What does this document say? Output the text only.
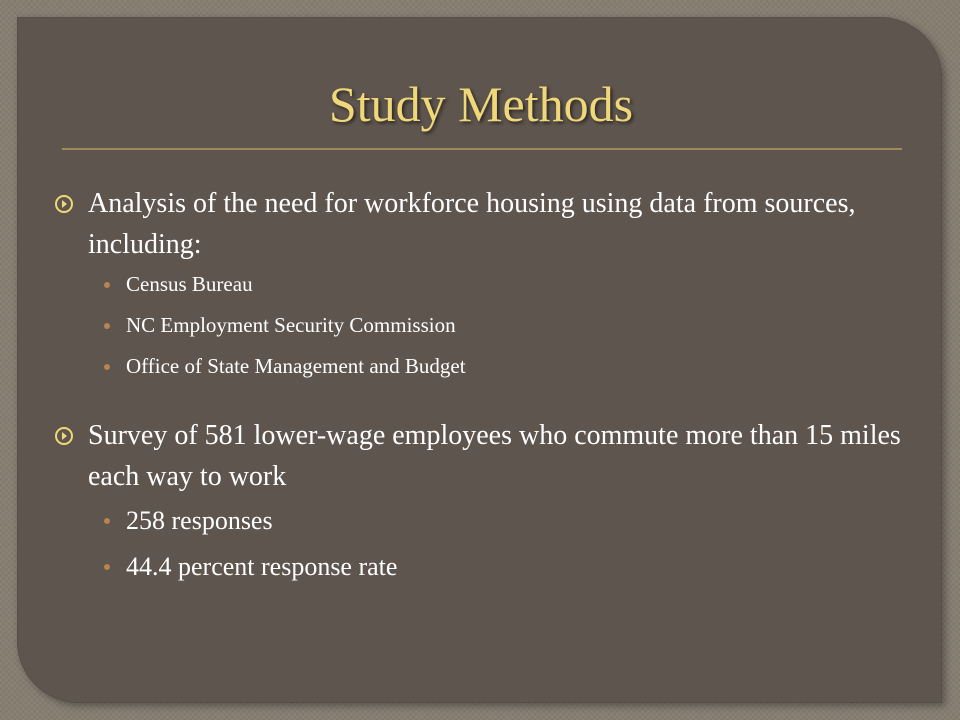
Study Methods
Analysis of the need for workforce housing using data from sources, including:
Census Bureau
NC Employment Security Commission
Office of State Management and Budget
Survey of 581 lower-wage employees who commute more than 15 miles each way to work
258 responses
44.4 percent response rate
